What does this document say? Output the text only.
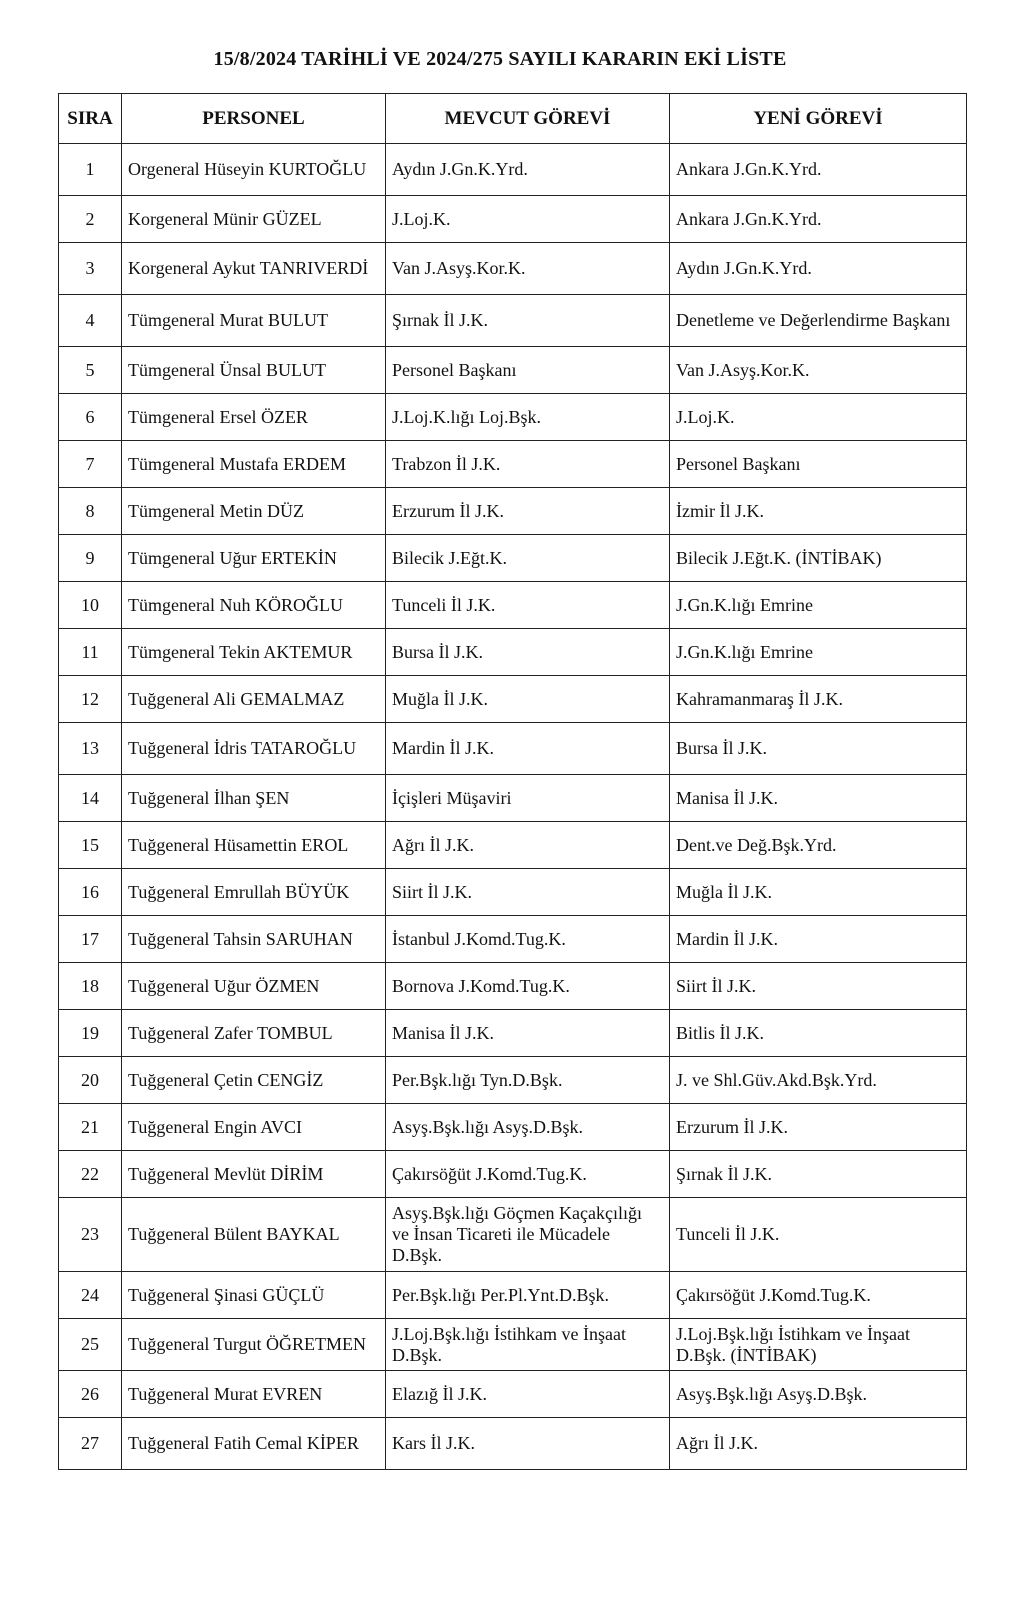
15/8/2024 TARİHLİ VE 2024/275 SAYILI KARARIN EKİ LİSTE
SIRA	PERSONEL	MEVCUT GÖREVİ	YENİ GÖREVİ
1	Orgeneral Hüseyin KURTOĞLU	Aydın J.Gn.K.Yrd.	Ankara J.Gn.K.Yrd.
2	Korgeneral Münir GÜZEL	J.Loj.K.	Ankara J.Gn.K.Yrd.
3	Korgeneral Aykut TANRIVERDİ	Van J.Asyş.Kor.K.	Aydın J.Gn.K.Yrd.
4	Tümgeneral Murat BULUT	Şırnak İl J.K.	Denetleme ve Değerlendirme Başkanı
5	Tümgeneral Ünsal BULUT	Personel Başkanı	Van J.Asyş.Kor.K.
6	Tümgeneral Ersel ÖZER	J.Loj.K.lığı Loj.Bşk.	J.Loj.K.
7	Tümgeneral Mustafa ERDEM	Trabzon İl J.K.	Personel Başkanı
8	Tümgeneral Metin DÜZ	Erzurum İl J.K.	İzmir İl J.K.
9	Tümgeneral Uğur ERTEKİN	Bilecik J.Eğt.K.	Bilecik J.Eğt.K. (İNTİBAK)
10	Tümgeneral Nuh KÖROĞLU	Tunceli İl J.K.	J.Gn.K.lığı Emrine
11	Tümgeneral Tekin AKTEMUR	Bursa İl J.K.	J.Gn.K.lığı Emrine
12	Tuğgeneral Ali GEMALMAZ	Muğla İl J.K.	Kahramanmaraş İl J.K.
13	Tuğgeneral İdris TATAROĞLU	Mardin İl J.K.	Bursa İl J.K.
14	Tuğgeneral İlhan ŞEN	İçişleri Müşaviri	Manisa İl J.K.
15	Tuğgeneral Hüsamettin EROL	Ağrı İl J.K.	Dent.ve Değ.Bşk.Yrd.
16	Tuğgeneral Emrullah BÜYÜK	Siirt İl J.K.	Muğla İl J.K.
17	Tuğgeneral Tahsin SARUHAN	İstanbul J.Komd.Tug.K.	Mardin İl J.K.
18	Tuğgeneral Uğur ÖZMEN	Bornova J.Komd.Tug.K.	Siirt İl J.K.
19	Tuğgeneral Zafer TOMBUL	Manisa İl J.K.	Bitlis İl J.K.
20	Tuğgeneral Çetin CENGİZ	Per.Bşk.lığı Tyn.D.Bşk.	J. ve Shl.Güv.Akd.Bşk.Yrd.
21	Tuğgeneral Engin AVCI	Asyş.Bşk.lığı Asyş.D.Bşk.	Erzurum İl J.K.
22	Tuğgeneral Mevlüt DİRİM	Çakırsöğüt J.Komd.Tug.K.	Şırnak İl J.K.
23	Tuğgeneral Bülent BAYKAL	Asyş.Bşk.lığı Göçmen Kaçakçılığı ve İnsan Ticareti ile Mücadele D.Bşk.	Tunceli İl J.K.
24	Tuğgeneral Şinasi GÜÇLÜ	Per.Bşk.lığı Per.Pl.Ynt.D.Bşk.	Çakırsöğüt J.Komd.Tug.K.
25	Tuğgeneral Turgut ÖĞRETMEN	J.Loj.Bşk.lığı İstihkam ve İnşaat D.Bşk.	J.Loj.Bşk.lığı İstihkam ve İnşaat D.Bşk. (İNTİBAK)
26	Tuğgeneral Murat EVREN	Elazığ İl J.K.	Asyş.Bşk.lığı Asyş.D.Bşk.
27	Tuğgeneral Fatih Cemal KİPER	Kars İl J.K.	Ağrı İl J.K.
